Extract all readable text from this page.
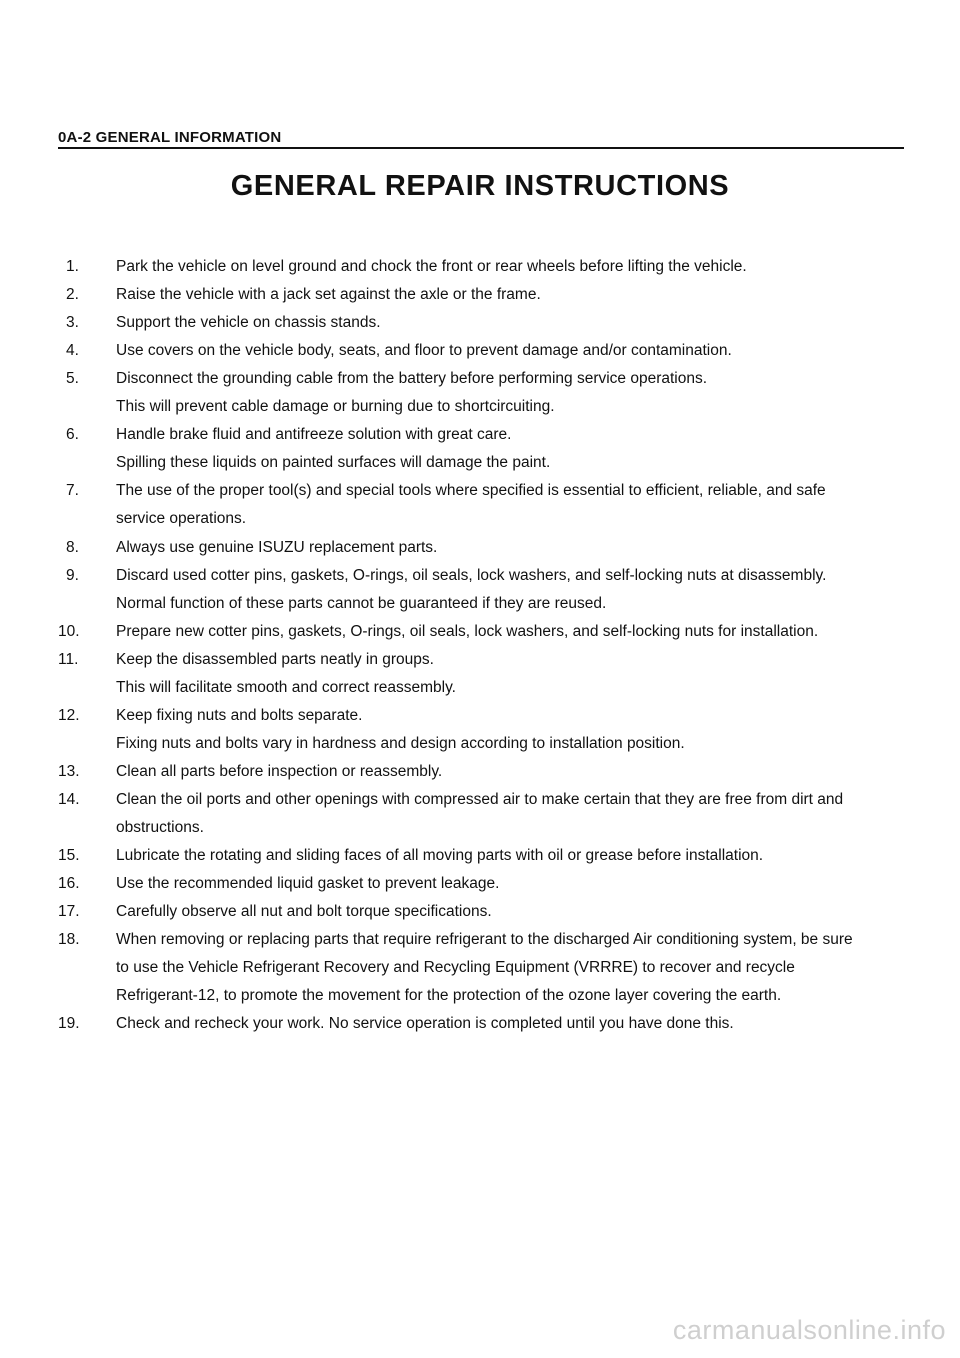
0A-2 GENERAL INFORMATION
GENERAL REPAIR INSTRUCTIONS
1.	Park the vehicle on level ground and chock the front or rear wheels before lifting the vehicle.
2.	Raise the vehicle with a jack set against the axle or the frame.
3.	Support the vehicle on chassis stands.
4.	Use covers on the vehicle body, seats, and floor to prevent damage and/or contamination.
5.	Disconnect the grounding cable from the battery before performing service operations.
This will prevent cable damage or burning due to shortcircuiting.
6.	Handle brake fluid and antifreeze solution with great care.
Spilling these liquids on painted surfaces will damage the paint.
7.	The use of the proper tool(s) and special tools where specified is essential to efficient, reliable, and safe
service operations.
8.	Always use genuine ISUZU replacement parts.
9.	Discard used cotter pins, gaskets, O-rings, oil seals, lock washers, and self-locking nuts at disassembly.
Normal function of these parts cannot be guaranteed if they are reused.
10.	Prepare new cotter pins, gaskets, O-rings, oil seals, lock washers, and self-locking nuts for installation.
11.	Keep the disassembled parts neatly in groups.
This will facilitate smooth and correct reassembly.
12.	Keep fixing nuts and bolts separate.
Fixing nuts and bolts vary in hardness and design according to installation position.
13.	Clean all parts before inspection or reassembly.
14.	Clean the oil ports and other openings with compressed air to make certain that they are free from dirt and
obstructions.
15.	Lubricate the rotating and sliding faces of all moving parts with oil or grease before installation.
16.	Use the recommended liquid gasket to prevent leakage.
17.	Carefully observe all nut and bolt torque specifications.
18.	When removing or replacing parts that require refrigerant to the discharged Air conditioning system, be sure
to use the Vehicle Refrigerant Recovery and Recycling Equipment (VRRRE) to recover and recycle
Refrigerant-12, to promote the movement for the protection of the ozone layer covering the earth.
19.	Check and recheck your work. No service operation is completed until you have done this.
carmanualsonline.info
